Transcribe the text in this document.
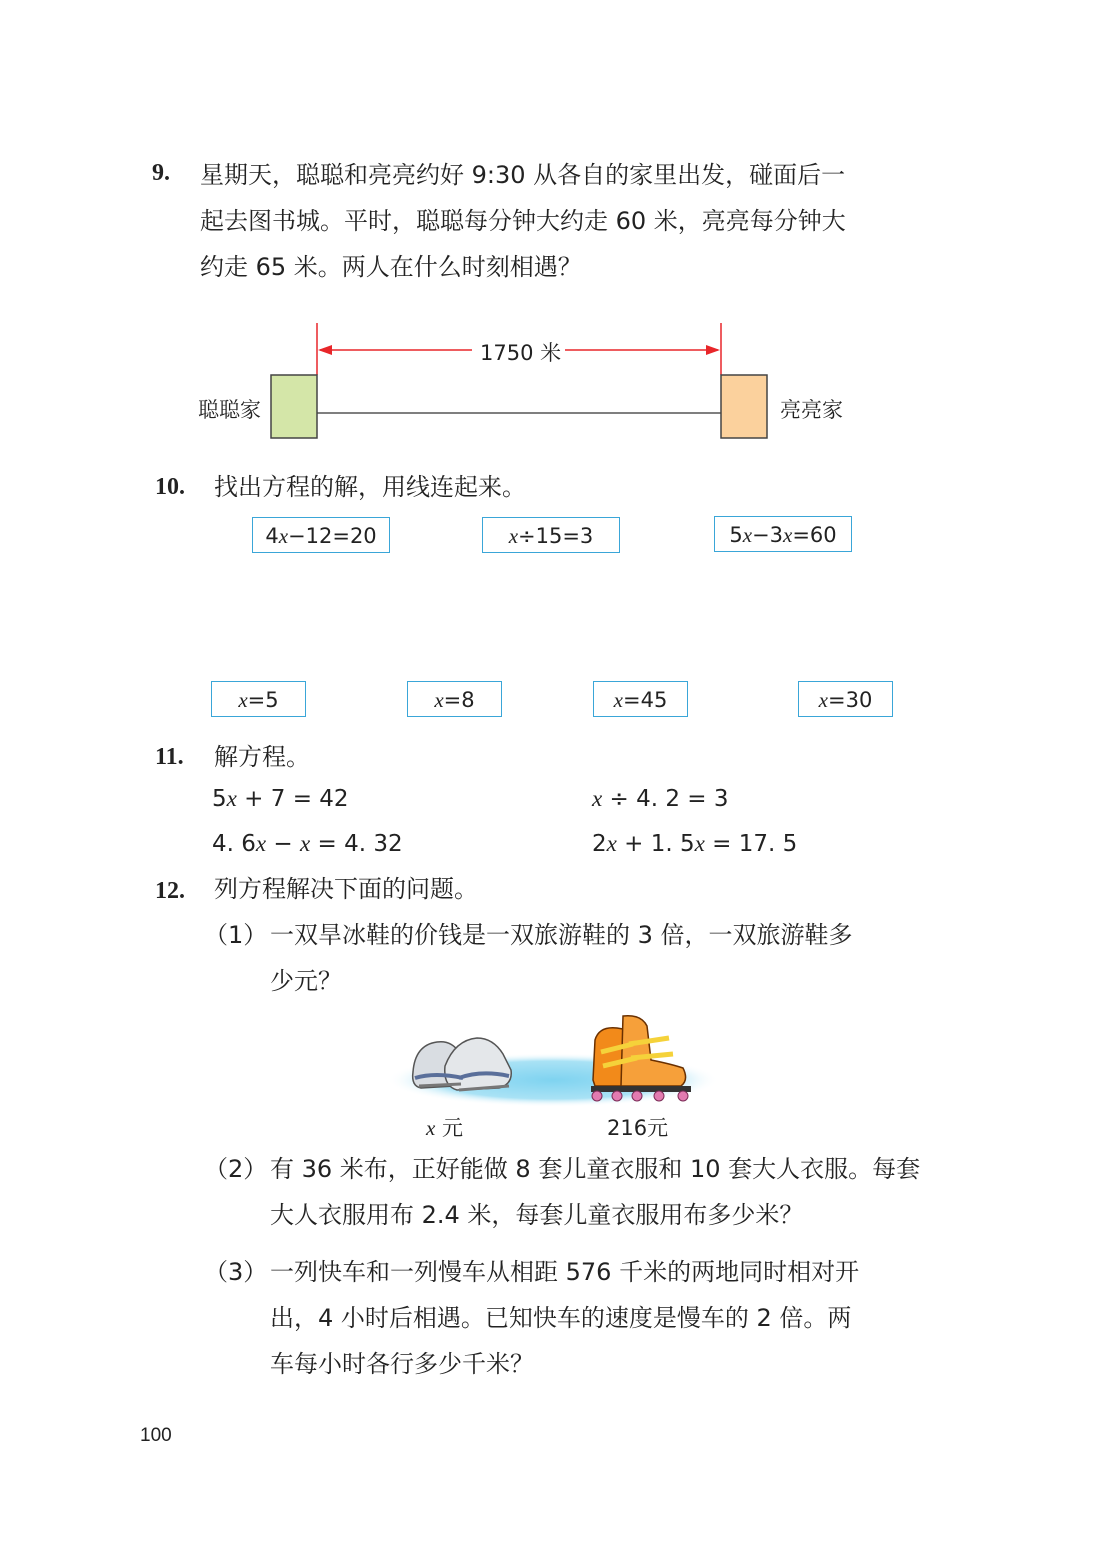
9. 星期天，聪聪和亮亮约好 9:30 从各自的家里出发，碰面后一
起去图书城。平时，聪聪每分钟大约走 60 米，亮亮每分钟大
约走 65 米。两人在什么时刻相遇？
1750 米
聪聪家	亮亮家
10. 找出方程的解，用线连起来。
4x−12=20	x÷15=3	5x−3x=60
x=5	x=8	x=45	x=30
11. 解方程。
5x + 7 = 42	x ÷ 4. 2 = 3
4. 6x − x = 4. 32	2x + 1. 5x = 17. 5
12. 列方程解决下面的问题。
（1） 一双旱冰鞋的价钱是一双旅游鞋的 3 倍，一双旅游鞋多
少元？
x 元	216元
（2） 有 36 米布，正好能做 8 套儿童衣服和 10 套大人衣服。每套
大人衣服用布 2.4 米，每套儿童衣服用布多少米？
（3） 一列快车和一列慢车从相距 576 千米的两地同时相对开
出，4 小时后相遇。已知快车的速度是慢车的 2 倍。两
车每小时各行多少千米？
100
